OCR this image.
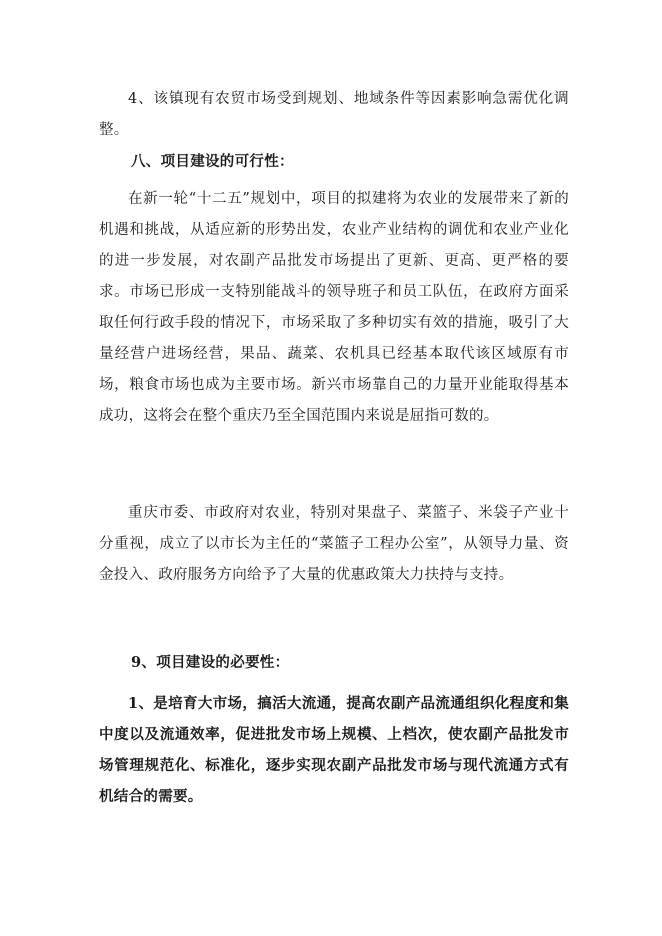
4、该镇现有农贸市场受到规划、地域条件等因素影响急需优化调整。

八、项目建设的可行性：

在新一轮“十二五”规划中，项目的拟建将为农业的发展带来了新的机遇和挑战，从适应新的形势出发，农业产业结构的调优和农业产业化的进一步发展，对农副产品批发市场提出了更新、更高、更严格的要求。市场已形成一支特别能战斗的领导班子和员工队伍，在政府方面采取任何行政手段的情况下，市场采取了多种切实有效的措施，吸引了大量经营户进场经营，果品、蔬菜、农机具已经基本取代该区域原有市场，粮食市场也成为主要市场。新兴市场靠自己的力量开业能取得基本成功，这将会在整个重庆乃至全国范围内来说是屈指可数的。

重庆市委、市政府对农业，特别对果盘子、菜篮子、米袋子产业十分重视，成立了以市长为主任的“菜篮子工程办公室”，从领导力量、资金投入、政府服务方向给予了大量的优惠政策大力扶持与支持。

9、项目建设的必要性：

1、是培育大市场，搞活大流通，提高农副产品流通组织化程度和集中度以及流通效率，促进批发市场上规模、上档次，使农副产品批发市场管理规范化、标准化，逐步实现农副产品批发市场与现代流通方式有机结合的需要。
